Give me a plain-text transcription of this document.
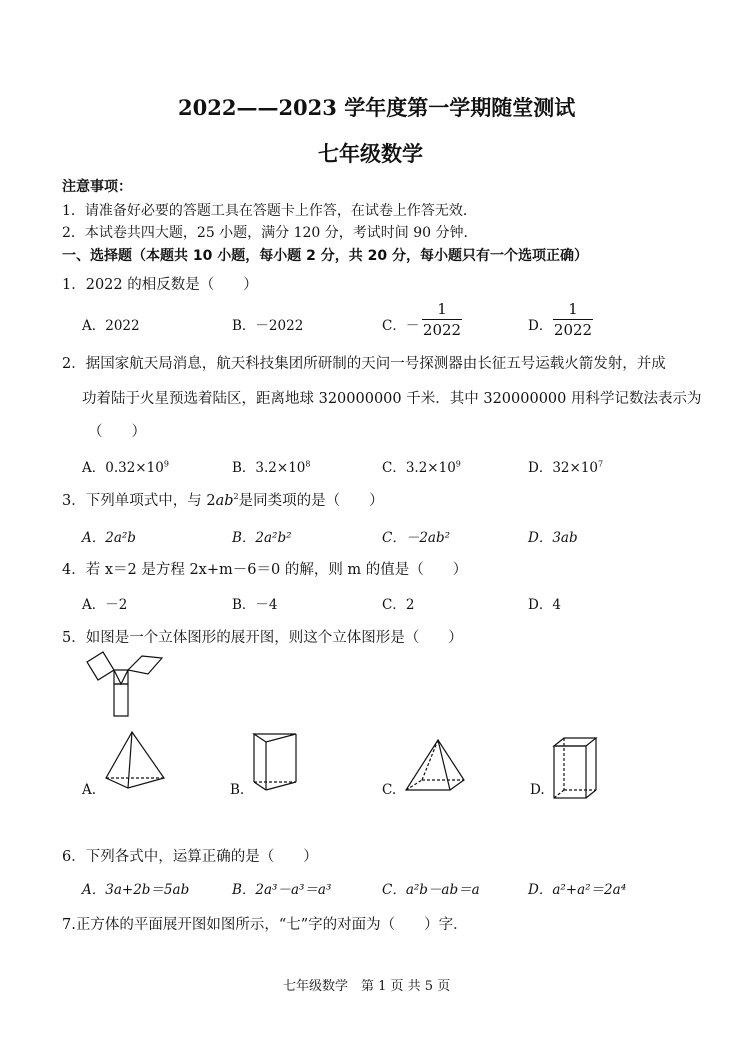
2022——2023 学年度第一学期随堂测试
七年级数学
注意事项：
1．请准备好必要的答题工具在答题卡上作答，在试卷上作答无效．
2．本试卷共四大题，25 小题，满分 120 分，考试时间 90 分钟．
一、选择题（本题共 10 小题，每小题 2 分，共 20 分，每小题只有一个选项正确）
1．2022 的相反数是（　　）
A．2022	B．－2022	C．－
1
2022	D．
1
2022
2．据国家航天局消息，航天科技集团所研制的天问一号探测器由长征五号运载火箭发射，并成
功着陆于火星预选着陆区，距离地球 320000000 千米．其中 320000000 用科学记数法表示为
（　　）
A．$0.32\times 10^9$	B．$3.2\times 10^8$	C．$3.2\times 10^9$	D．$32\times 10^7$
3．下列单项式中，与 $2ab^2$是同类项的是（　　）
A．2a²b	B．2a²b²	C．－2ab²	D．3ab
4．若 x＝2 是方程 2x+m－6＝0 的解，则 m 的值是（　　）
A．－2	B．－4	C．2	D．4
5．如图是一个立体图形的展开图，则这个立体图形是（　　）
A.	B.	C.	D.
6．下列各式中，运算正确的是（　　）
A．3a+2b＝5ab	B．2a³－a³＝a³	C．a²b－ab＝a	D．a²+a²＝2a⁴
7.正方体的平面展开图如图所示，“七”字的对面为（　　）字．
七年级数学　第 1 页 共 5 页
